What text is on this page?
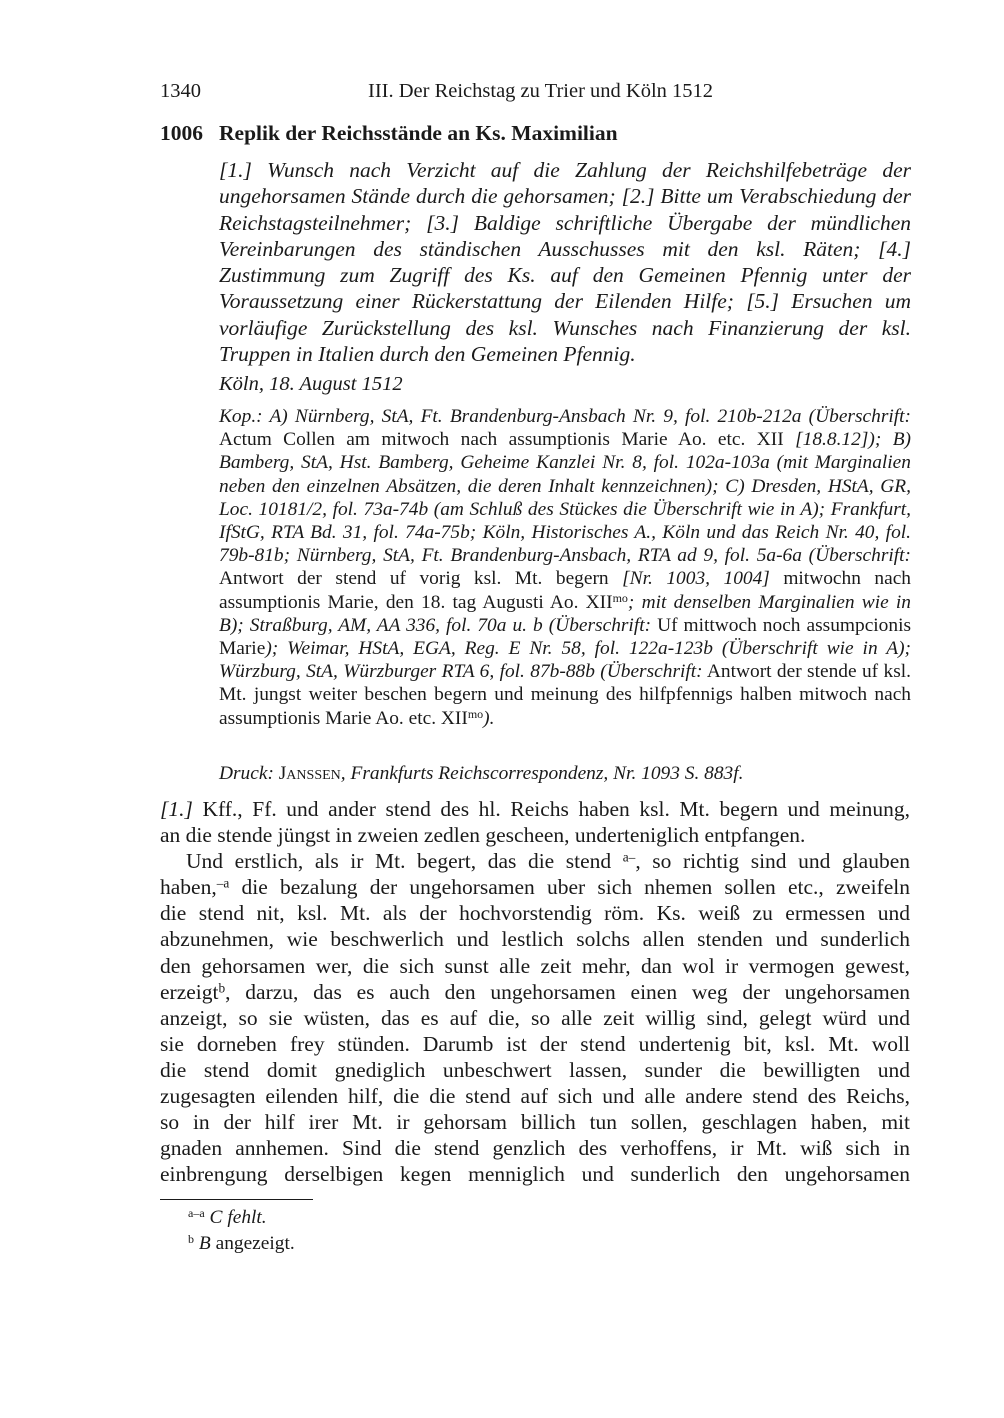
1340	III. Der Reichstag zu Trier und Köln 1512
1006 Replik der Reichsstände an Ks. Maximilian
[1.] Wunsch nach Verzicht auf die Zahlung der Reichshilfebeträge der ungehorsamen Stände durch die gehorsamen; [2.] Bitte um Verabschiedung der Reichstagsteilnehmer; [3.] Baldige schriftliche Übergabe der mündlichen Vereinbarungen des ständischen Ausschusses mit den ksl. Räten; [4.] Zustimmung zum Zugriff des Ks. auf den Gemeinen Pfennig unter der Voraussetzung einer Rückerstattung der Eilenden Hilfe; [5.] Ersuchen um vorläufige Zurückstellung des ksl. Wunsches nach Finanzierung der ksl. Truppen in Italien durch den Gemeinen Pfennig.
Köln, 18. August 1512
Kop.: A) Nürnberg, StA, Ft. Brandenburg-Ansbach Nr. 9, fol. 210b-212a (Überschrift: Actum Collen am mitwoch nach assumptionis Marie Ao. etc. XII [18.8.12]); B) Bamberg, StA, Hst. Bamberg, Geheime Kanzlei Nr. 8, fol. 102a-103a (mit Marginalien neben den einzelnen Absätzen, die deren Inhalt kennzeichnen); C) Dresden, HStA, GR, Loc. 10181/2, fol. 73a-74b (am Schluß des Stückes die Überschrift wie in A); Frankfurt, IfStG, RTA Bd. 31, fol. 74a-75b; Köln, Historisches A., Köln und das Reich Nr. 40, fol. 79b-81b; Nürnberg, StA, Ft. Brandenburg-Ansbach, RTA ad 9, fol. 5a-6a (Überschrift: Antwort der stend uf vorig ksl. Mt. begern [Nr. 1003, 1004] mitwochn nach assumptionis Marie, den 18. tag Augusti Ao. $XII^{mo}$; mit denselben Marginalien wie in B); Straßburg, AM, AA 336, fol. 70a u. b (Überschrift: Uf mittwoch noch assumpcionis Marie); Weimar, HStA, EGA, Reg. E Nr. 58, fol. 122a-123b (Überschrift wie in A); Würzburg, StA, Würzburger RTA 6, fol. 87b-88b (Überschrift: Antwort der stende uf ksl. Mt. jungst weiter beschen begern und meinung des hilfpfennigs halben mitwoch nach assumptionis Marie Ao. etc. $XII^{mo}$).
Druck: Janssen, Frankfurts Reichscorrespondenz, Nr. 1093 S. 883f.
[1.] Kff., Ff. und ander stend des hl. Reichs haben ksl. Mt. begern und meinung,
an die stende jüngst in zweien zedlen gescheen, underteniglich entpfangen.
Und erstlich, als ir Mt. begert, das die stend $^{a-}$, so richtig sind und glauben
haben,$^{-a}$ die bezalung der ungehorsamen uber sich nhemen sollen etc., zweifeln
die stend nit, ksl. Mt. als der hochvorstendig röm. Ks. weiß zu ermessen und
abzunehmen, wie beschwerlich und lestlich solchs allen stenden und sunderlich
den gehorsamen wer, die sich sunst alle zeit mehr, dan wol ir vermogen gewest,
erzeigt$^b$, darzu, das es auch den ungehorsamen einen weg der ungehorsamen
anzeigt, so sie wüsten, das es auf die, so alle zeit willig sind, gelegt würd und
sie dorneben frey stünden. Darumb ist der stend undertenig bit, ksl. Mt. woll
die stend domit gnediglich unbeschwert lassen, sunder die bewilligten und
zugesagten eilenden hilf, die die stend auf sich und alle andere stend des Reichs,
so in der hilf irer Mt. ir gehorsam billich tun sollen, geschlagen haben, mit
gnaden annhemen. Sind die stend genzlich des verhoffens, ir Mt. wiß sich in
einbrengung derselbigen kegen menniglich und sunderlich den ungehorsamen
$^{a-a}$ C fehlt.
$^b$ B angezeigt.
